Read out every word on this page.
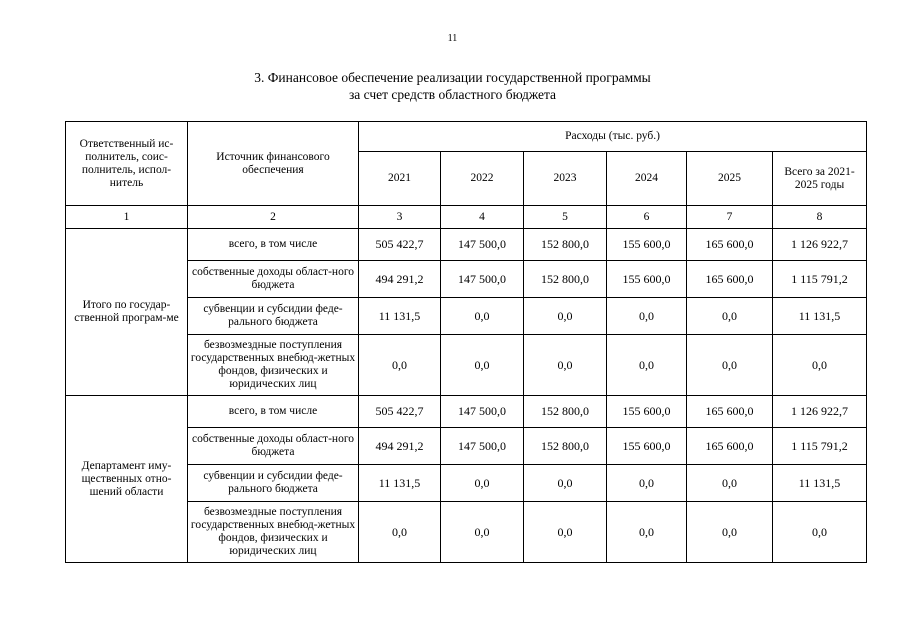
11
3. Финансовое обеспечение реализации государственной программы
за счет средств областного бюджета
Ответственный ис-полнитель, соис-полнитель, испол-нитель	Источник финансового обеспечения	Расходы (тыс. руб.)					
		2021	2022	2023	2024	2025	Всего за 2021-2025 годы
1	2	3	4	5	6	7	8
Итого по государ-ственной програм-ме	всего, в том числе	505 422,7	147 500,0	152 800,0	155 600,0	165 600,0	1 126 922,7
	собственные доходы област-ного бюджета	494 291,2	147 500,0	152 800,0	155 600,0	165 600,0	1 115 791,2
	субвенции и субсидии феде-рального бюджета	11 131,5	0,0	0,0	0,0	0,0	11 131,5
	безвозмездные поступления государственных внебюд-жетных фондов, физических и юридических лиц	0,0	0,0	0,0	0,0	0,0	0,0
Департамент иму-щественных отно-шений области	всего, в том числе	505 422,7	147 500,0	152 800,0	155 600,0	165 600,0	1 126 922,7
	собственные доходы област-ного бюджета	494 291,2	147 500,0	152 800,0	155 600,0	165 600,0	1 115 791,2
	субвенции и субсидии феде-рального бюджета	11 131,5	0,0	0,0	0,0	0,0	11 131,5
	безвозмездные поступления государственных внебюд-жетных фондов, физических и юридических лиц	0,0	0,0	0,0	0,0	0,0	0,0
